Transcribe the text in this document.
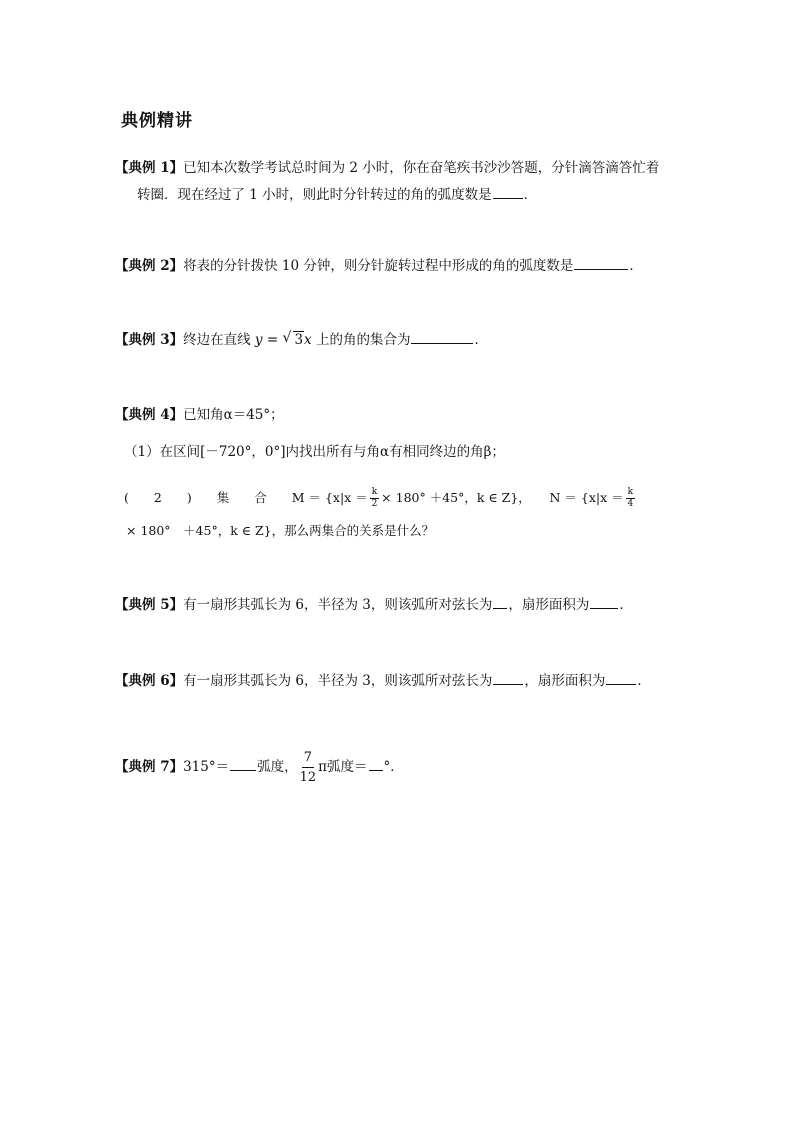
典例精讲
【典例 1】已知本次数学考试总时间为 2 小时，你在奋笔疾书沙沙答题，分针滴答滴答忙着
转圈．现在经过了 1 小时，则此时分针转过的角的弧度数是 ．
【典例 2】将表的分针拨快 10 分钟，则分针旋转过程中形成的角的弧度数是	．
【典例 3】终边在直线 y = √ 3x 上的角的集合为	．
【典例 4】已知角α＝45°；
（1）在区间[－720°，0°]内找出所有与角α有相同终边的角β；
(　　2　　)　　集　　合　　$M = \{x|x = \frac{k}{2} \times 180^\circ +45^\circ$，k ∈ Z}，　　$N = \{x|x = \frac{k}{4}$
× 180°　＋45°，k ∈ Z}，那么两集合的关系是什么？
【典例 5】有一扇形其弧长为 6，半径为 3，则该弧所对弦长为 ，扇形面积为 ．
【典例 6】有一扇形其弧长为 6，半径为 3，则该弧所对弦长为 ，扇形面积为 ．
【典例 7】315°＝ 弧度， $\frac{7}{12}$ π弧度＝ °．
